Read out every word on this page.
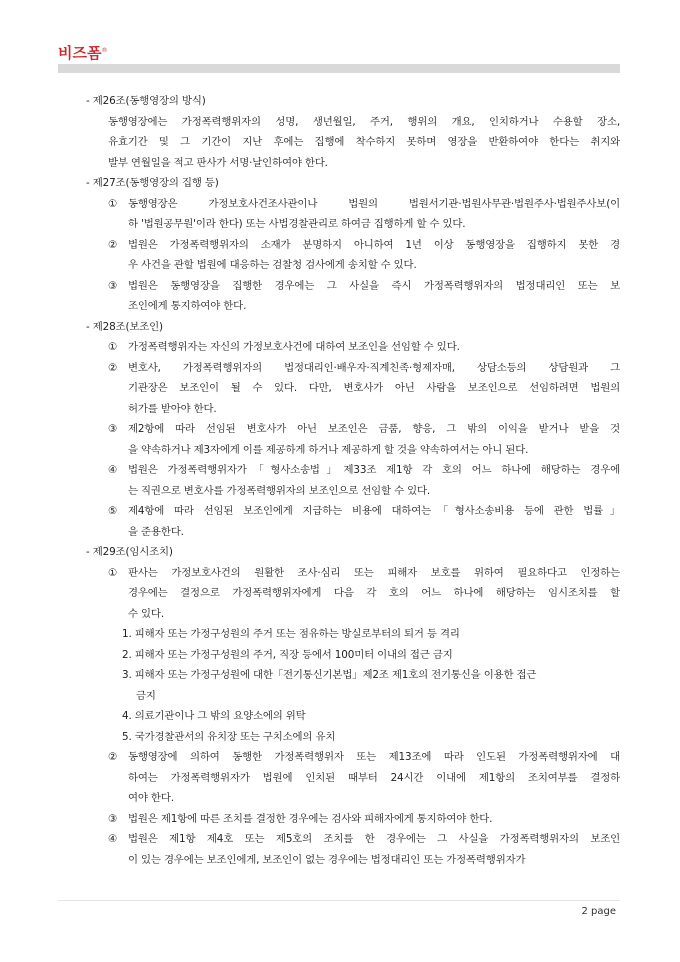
비즈폼®
- 제26조(동행영장의 방식)
동행영장에는 가정폭력행위자의 성명, 생년월일, 주거, 행위의 개요, 인치하거나 수용할 장소,
유효기간 및 그 기간이 지난 후에는 집행에 착수하지 못하며 영장을 반환하여야 한다는 취지와
발부 연월일을 적고 판사가 서명·날인하여야 한다.
- 제27조(동행영장의 집행 등)
①	동행영장은 가정보호사건조사관이나 법원의 법원서기관·법원사무관·법원주사·법원주사보(이
하 '법원공무원'이라 한다) 또는 사법경찰관리로 하여금 집행하게 할 수 있다.
②	법원은 가정폭력행위자의 소재가 분명하지 아니하여 1년 이상 동행영장을 집행하지 못한 경
우 사건을 관할 법원에 대응하는 검찰청 검사에게 송치할 수 있다.
③	법원은 동행영장을 집행한 경우에는 그 사실을 즉시 가정폭력행위자의 법정대리인 또는 보
조인에게 통지하여야 한다.
- 제28조(보조인)
①	가정폭력행위자는 자신의 가정보호사건에 대하여 보조인을 선임할 수 있다.
②	변호사, 가정폭력행위자의 법정대리인·배우자·직계친족·형제자매, 상담소등의 상담원과 그
기관장은 보조인이 될 수 있다. 다만, 변호사가 아닌 사람을 보조인으로 선임하려면 법원의
허가를 받아야 한다.
③	제2항에 따라 선임된 변호사가 아닌 보조인은 금품, 향응, 그 밖의 이익을 받거나 받을 것
을 약속하거나 제3자에게 이를 제공하게 하거나 제공하게 할 것을 약속하여서는 아니 된다.
④	법원은 가정폭력행위자가「형사소송법」제33조 제1항 각 호의 어느 하나에 해당하는 경우에
는 직권으로 변호사를 가정폭력행위자의 보조인으로 선임할 수 있다.
⑤	제4항에 따라 선임된 보조인에게 지급하는 비용에 대하여는「형사소송비용 등에 관한 법률」
을 준용한다.
- 제29조(임시조치)
①	판사는 가정보호사건의 원활한 조사·심리 또는 피해자 보호를 위하여 필요하다고 인정하는
경우에는 결정으로 가정폭력행위자에게 다음 각 호의 어느 하나에 해당하는 임시조치를 할
수 있다.
1. 피해자 또는 가정구성원의 주거 또는 점유하는 방실로부터의 퇴거 등 격리
2. 피해자 또는 가정구성원의 주거, 직장 등에서 100미터 이내의 접근 금지
3. 피해자 또는 가정구성원에 대한「전기통신기본법」제2조 제1호의 전기통신을 이용한 접근
금지
4. 의료기관이나 그 밖의 요양소에의 위탁
5. 국가경찰관서의 유치장 또는 구치소에의 유치
②	동행영장에 의하여 동행한 가정폭력행위자 또는 제13조에 따라 인도된 가정폭력행위자에 대
하여는 가정폭력행위자가 법원에 인치된 때부터 24시간 이내에 제1항의 조치여부를 결정하
여야 한다.
③	법원은 제1항에 따른 조치를 결정한 경우에는 검사와 피해자에게 통지하여야 한다.
④	법원은 제1항 제4호 또는 제5호의 조치를 한 경우에는 그 사실을 가정폭력행위자의 보조인
이 있는 경우에는 보조인에게, 보조인이 없는 경우에는 법정대리인 또는 가정폭력행위자가
2 page
